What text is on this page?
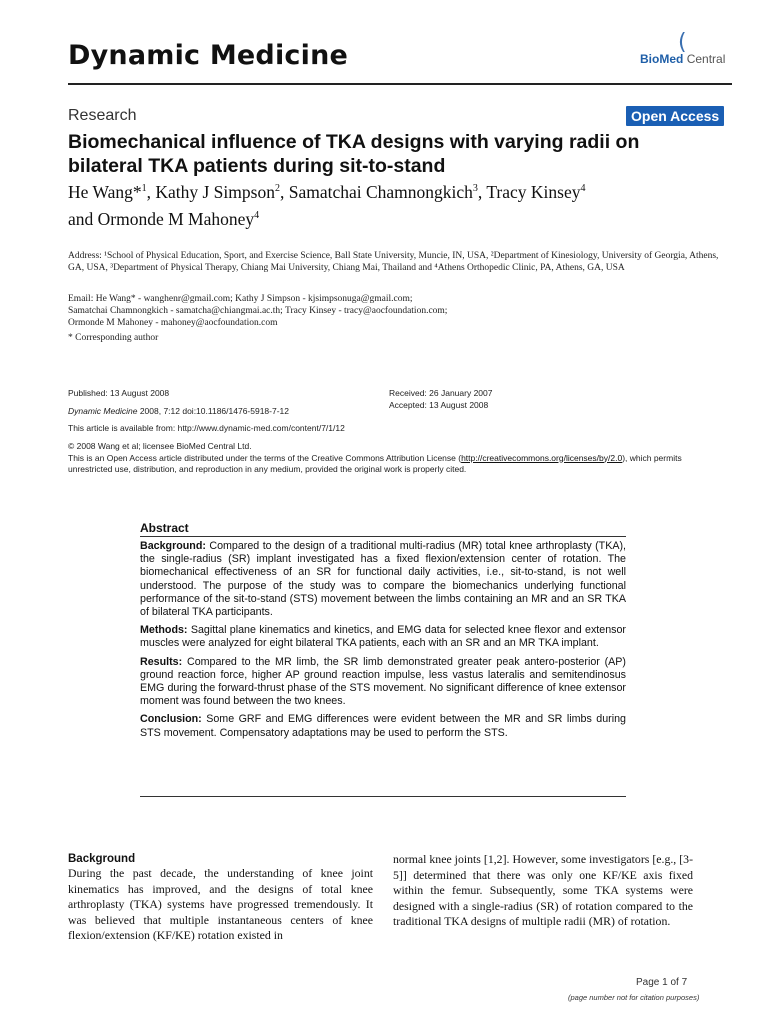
Dynamic Medicine	(
BioMed Central
Research	Open Access
Biomechanical influence of TKA designs with varying radii on bilateral TKA patients during sit-to-stand
He Wang*$^1$, Kathy J Simpson$^2$, Samatchai Chamnongkich$^3$, Tracy Kinsey$^4$
and Ormonde M Mahoney$^4$
Address: ¹School of Physical Education, Sport, and Exercise Science, Ball State University, Muncie, IN, USA, ²Department of Kinesiology, University of Georgia, Athens, GA, USA, ³Department of Physical Therapy, Chiang Mai University, Chiang Mai, Thailand and ⁴Athens Orthopedic Clinic, PA, Athens, GA, USA
Email: He Wang* - wanghenr@gmail.com; Kathy J Simpson - kjsimpsonuga@gmail.com;
Samatchai Chamnongkich - samatcha@chiangmai.ac.th; Tracy Kinsey - tracy@aocfoundation.com;
Ormonde M Mahoney - mahoney@aocfoundation.com
* Corresponding author
Published: 13 August 2008
Dynamic Medicine 2008, 7:12 doi:10.1186/1476-5918-7-12
Received: 26 January 2007
Accepted: 13 August 2008
This article is available from: http://www.dynamic-med.com/content/7/1/12
© 2008 Wang et al; licensee BioMed Central Ltd.
This is an Open Access article distributed under the terms of the Creative Commons Attribution License (http://creativecommons.org/licenses/by/2.0), which permits unrestricted use, distribution, and reproduction in any medium, provided the original work is properly cited.
Abstract

Background: Compared to the design of a traditional multi-radius (MR) total knee arthroplasty (TKA), the single-radius (SR) implant investigated has a fixed flexion/extension center of rotation. The biomechanical effectiveness of an SR for functional daily activities, i.e., sit-to-stand, is not well understood. The purpose of the study was to compare the biomechanics underlying functional performance of the sit-to-stand (STS) movement between the limbs containing an MR and an SR TKA of bilateral TKA participants.

Methods: Sagittal plane kinematics and kinetics, and EMG data for selected knee flexor and extensor muscles were analyzed for eight bilateral TKA patients, each with an SR and an MR TKA implant.

Results: Compared to the MR limb, the SR limb demonstrated greater peak antero-posterior (AP) ground reaction force, higher AP ground reaction impulse, less vastus lateralis and semitendinosus EMG during the forward-thrust phase of the STS movement. No significant difference of knee extensor moment was found between the two knees.

Conclusion: Some GRF and EMG differences were evident between the MR and SR limbs during STS movement. Compensatory adaptations may be used to perform the STS.

Background
During the past decade, the understanding of knee joint kinematics has improved, and the designs of total knee arthroplasty (TKA) systems have progressed tremendously. It was believed that multiple instantaneous centers of knee flexion/extension (KF/KE) rotation existed in
normal knee joints [1,2]. However, some investigators [e.g., [3-5]] determined that there was only one KF/KE axis fixed within the femur. Subsequently, some TKA systems were designed with a single-radius (SR) of rotation compared to the traditional TKA designs of multiple radii (MR) of rotation.
Page 1 of 7
(page number not for citation purposes)
